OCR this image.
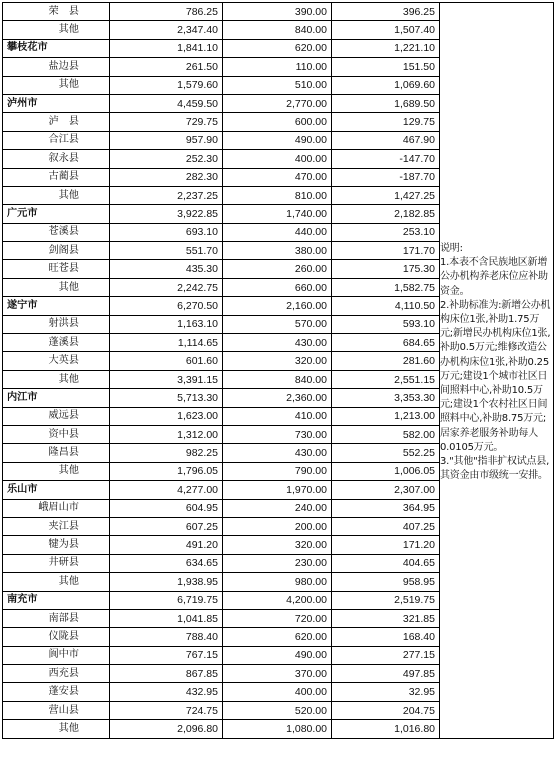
荣　县	786.25	390.00	396.25	
其他	2,347.40	840.00	1,507.40	
攀枝花市	1,841.10	620.00	1,221.10	
盐边县	261.50	110.00	151.50	
其他	1,579.60	510.00	1,069.60	
泸州市	4,459.50	2,770.00	1,689.50	
泸　县	729.75	600.00	129.75	
合江县	957.90	490.00	467.90	
叙永县	252.30	400.00	-147.70	
古蔺县	282.30	470.00	-187.70	
其他	2,237.25	810.00	1,427.25	
广元市	3,922.85	1,740.00	2,182.85	
苍溪县	693.10	440.00	253.10	
剑阁县	551.70	380.00	171.70	
旺苍县	435.30	260.00	175.30	
其他	2,242.75	660.00	1,582.75	
遂宁市	6,270.50	2,160.00	4,110.50	
射洪县	1,163.10	570.00	593.10	
蓬溪县	1,114.65	430.00	684.65	
大英县	601.60	320.00	281.60	
其他	3,391.15	840.00	2,551.15	
内江市	5,713.30	2,360.00	3,353.30	
威远县	1,623.00	410.00	1,213.00	
资中县	1,312.00	730.00	582.00	
隆昌县	982.25	430.00	552.25	
其他	1,796.05	790.00	1,006.05	
乐山市	4,277.00	1,970.00	2,307.00	
峨眉山市	604.95	240.00	364.95	
夹江县	607.25	200.00	407.25	
犍为县	491.20	320.00	171.20	
井研县	634.65	230.00	404.65	
其他	1,938.95	980.00	958.95	
南充市	6,719.75	4,200.00	2,519.75	
南部县	1,041.85	720.00	321.85	
仪陇县	788.40	620.00	168.40	
阆中市	767.15	490.00	277.15	
西充县	867.85	370.00	497.85	
蓬安县	432.95	400.00	32.95	
营山县	724.75	520.00	204.75	
其他	2,096.80	1,080.00	1,016.80	

说明:

1.本表不含民族地区新增公办机构养老床位应补助资金。

2.补助标准为:新增公办机构床位1张,补助1.75万元;新增民办机构床位1张,补助0.5万元;维修改造公办机构床位1张,补助0.25万元;建设1个城市社区日间照料中心,补助10.5万元;建设1个农村社区日间照料中心,补助8.75万元;居家养老服务补助每人0.0105万元。

3."其他"指非扩权试点县,其资金由市级统一安排。
